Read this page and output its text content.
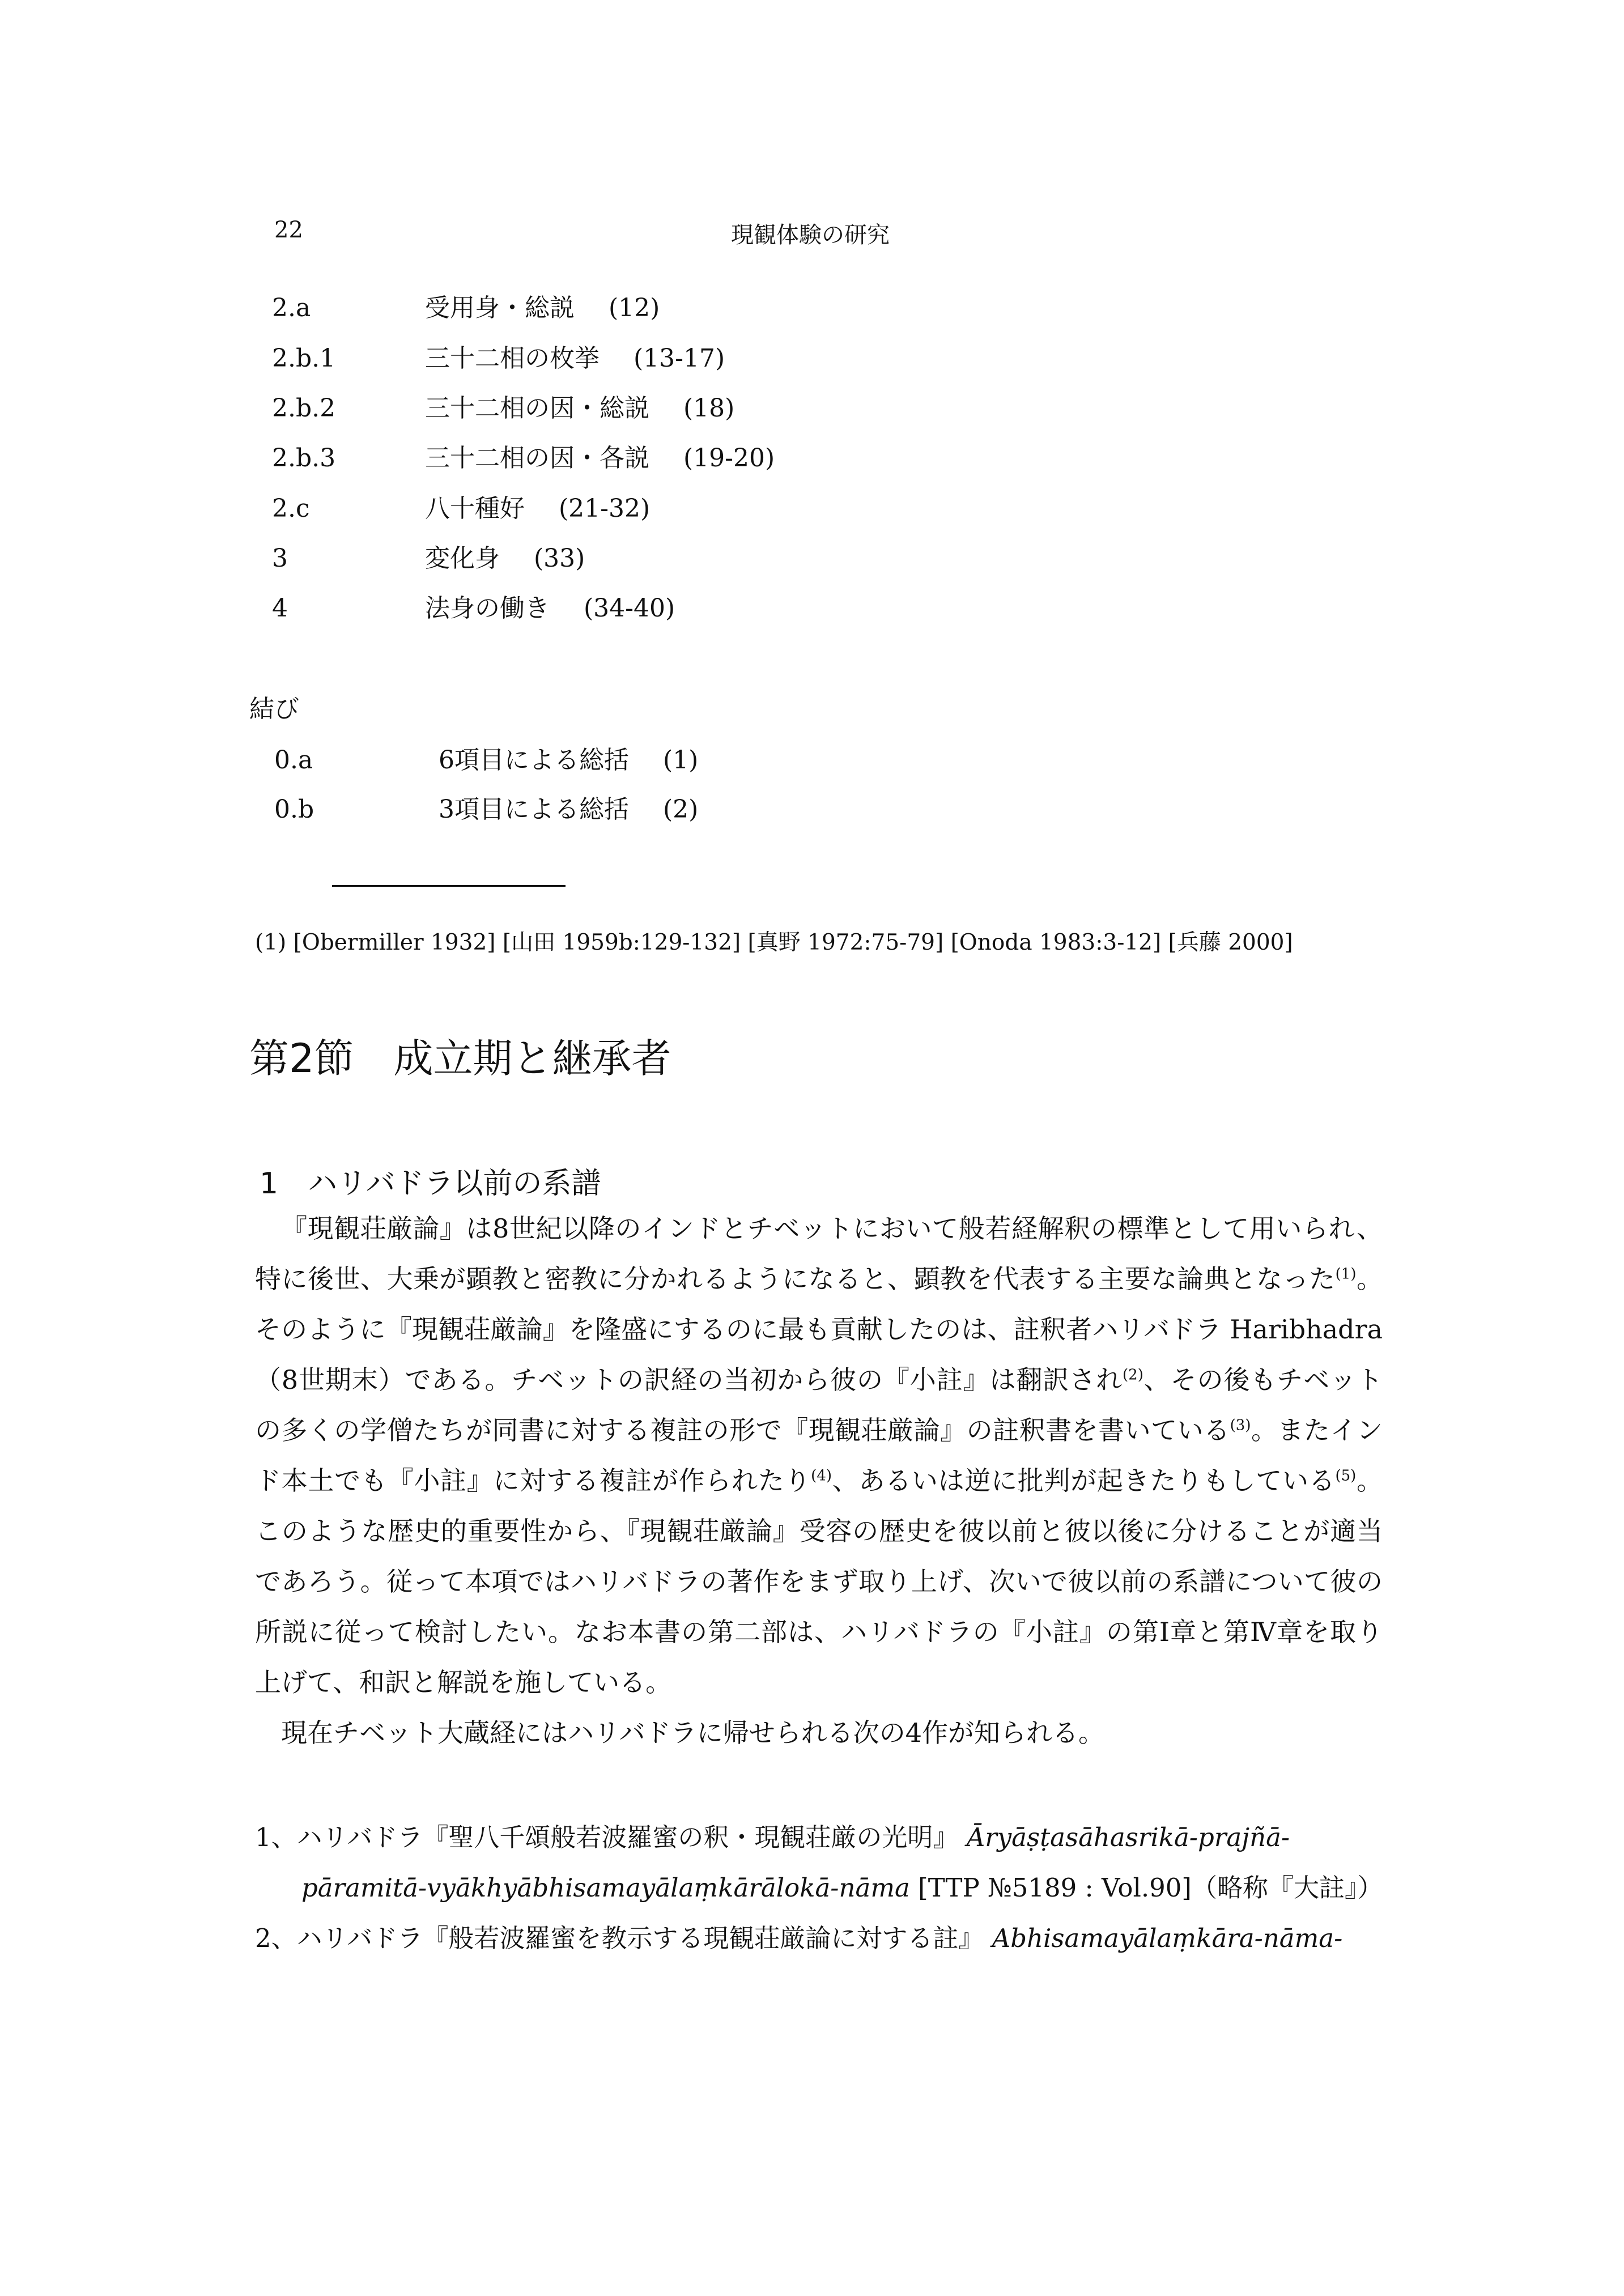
22	現観体験の研究
2.a	受用身・総説 (12)
2.b.1	三十二相の枚挙 (13-17)
2.b.2	三十二相の因・総説 (18)
2.b.3	三十二相の因・各説 (19-20)
2.c	八十種好 (21-32)
3	変化身 (33)
4	法身の働き (34-40)
結び
0.a	6項目による総括 (1)
0.b	3項目による総括 (2)
(1) [Obermiller 1932] [山田 1959b:129-132] [真野 1972:75-79] [Onoda 1983:3-12] [兵藤 2000]
第2節　成立期と継承者
1　ハリバドラ以前の系譜

『現観荘厳論』は8世紀以降のインドとチベットにおいて般若経解釈の標準として用いられ、特に後世、大乗が顕教と密教に分かれるようになると、顕教を代表する主要な論典となった$^{(1)}$。そのように『現観荘厳論』を隆盛にするのに最も貢献したのは、註釈者ハリバドラ Haribhadra（8世期末）である。チベットの訳経の当初から彼の『小註』は翻訳され$^{(2)}$、その後もチベットの多くの学僧たちが同書に対する複註の形で『現観荘厳論』の註釈書を書いている$^{(3)}$。またインド本土でも『小註』に対する複註が作られたり$^{(4)}$、あるいは逆に批判が起きたりもしている$^{(5)}$。このような歴史的重要性から、『現観荘厳論』受容の歴史を彼以前と彼以後に分けることが適当であろう。従って本項ではハリバドラの著作をまず取り上げ、次いで彼以前の系譜について彼の所説に従って検討したい。なお本書の第二部は、ハリバドラの『小註』の第Ⅰ章と第Ⅳ章を取り上げて、和訳と解説を施している。

現在チベット大蔵経にはハリバドラに帰せられる次の4作が知られる。

1、ハリバドラ『聖八千頌般若波羅蜜の釈・現観荘厳の光明』 Āryāṣṭasāhasrikā-prajñā-
pāramitā-vyākhyābhisamayālaṃkārālokā-nāma [TTP №5189 : Vol.90]（略称『大註』）
2、ハリバドラ『般若波羅蜜を教示する現観荘厳論に対する註』 Abhisamayālaṃkāra-nāma-
